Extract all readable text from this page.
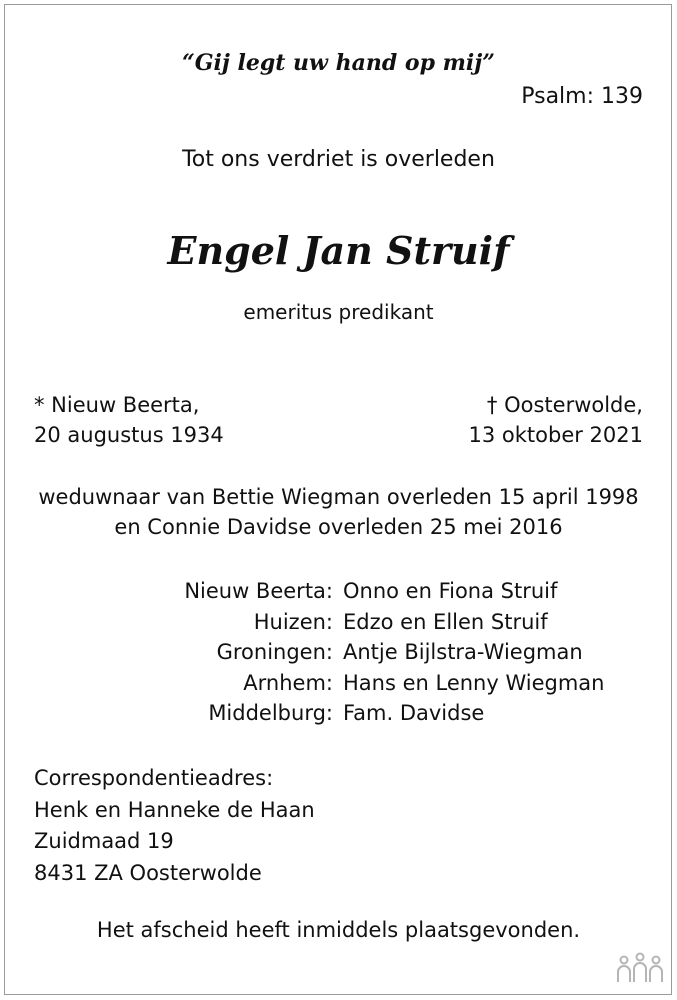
“Gij legt uw hand op mij”
Psalm: 139
Tot ons verdriet is overleden
Engel Jan Struif
emeritus predikant
* Nieuw Beerta,
20 augustus 1934
† Oosterwolde,
13 oktober 2021
weduwnaar van Bettie Wiegman overleden 15 april 1998
en Connie Davidse overleden 25 mei 2016
Nieuw Beerta: Onno en Fiona Struif
Huizen: Edzo en Ellen Struif
Groningen: Antje Bijlstra-Wiegman
Arnhem: Hans en Lenny Wiegman
Middelburg: Fam. Davidse
Correspondentieadres:
Henk en Hanneke de Haan
Zuidmaad 19
8431 ZA Oosterwolde
Het afscheid heeft inmiddels plaatsgevonden.
